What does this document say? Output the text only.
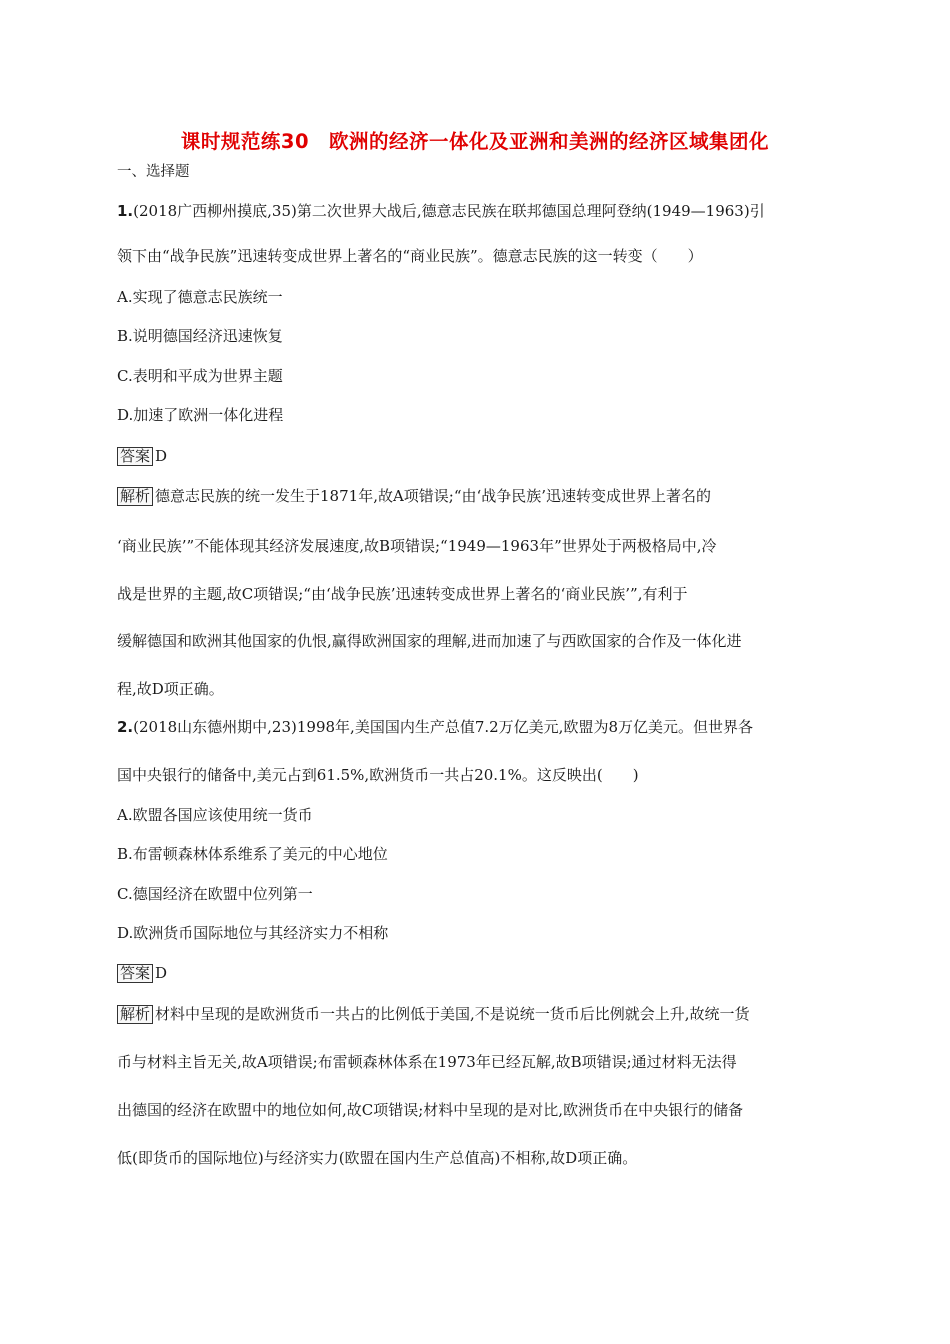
课时规范练30　欧洲的经济一体化及亚洲和美洲的经济区域集团化
一、选择题
1.(2018广西柳州摸底,35)第二次世界大战后,德意志民族在联邦德国总理阿登纳(1949—1963)引
领下由“战争民族”迅速转变成世界上著名的“商业民族”。德意志民族的这一转变（　　）
A.实现了德意志民族统一
B.说明德国经济迅速恢复
C.表明和平成为世界主题
D.加速了欧洲一体化进程
答案 D
解析 德意志民族的统一发生于1871年,故A项错误;“由‘战争民族’迅速转变成世界上著名的
‘商业民族’”不能体现其经济发展速度,故B项错误;“1949—1963年”世界处于两极格局中,冷
战是世界的主题,故C项错误;“由‘战争民族’迅速转变成世界上著名的‘商业民族’”,有利于
缓解德国和欧洲其他国家的仇恨,赢得欧洲国家的理解,进而加速了与西欧国家的合作及一体化进
程,故D项正确。
2.(2018山东德州期中,23)1998年,美国国内生产总值7.2万亿美元,欧盟为8万亿美元。但世界各
国中央银行的储备中,美元占到61.5%,欧洲货币一共占20.1%。这反映出(　　)
A.欧盟各国应该使用统一货币
B.布雷顿森林体系维系了美元的中心地位
C.德国经济在欧盟中位列第一
D.欧洲货币国际地位与其经济实力不相称
答案 D
解析 材料中呈现的是欧洲货币一共占的比例低于美国,不是说统一货币后比例就会上升,故统一货
币与材料主旨无关,故A项错误;布雷顿森林体系在1973年已经瓦解,故B项错误;通过材料无法得
出德国的经济在欧盟中的地位如何,故C项错误;材料中呈现的是对比,欧洲货币在中央银行的储备
低(即货币的国际地位)与经济实力(欧盟在国内生产总值高)不相称,故D项正确。
